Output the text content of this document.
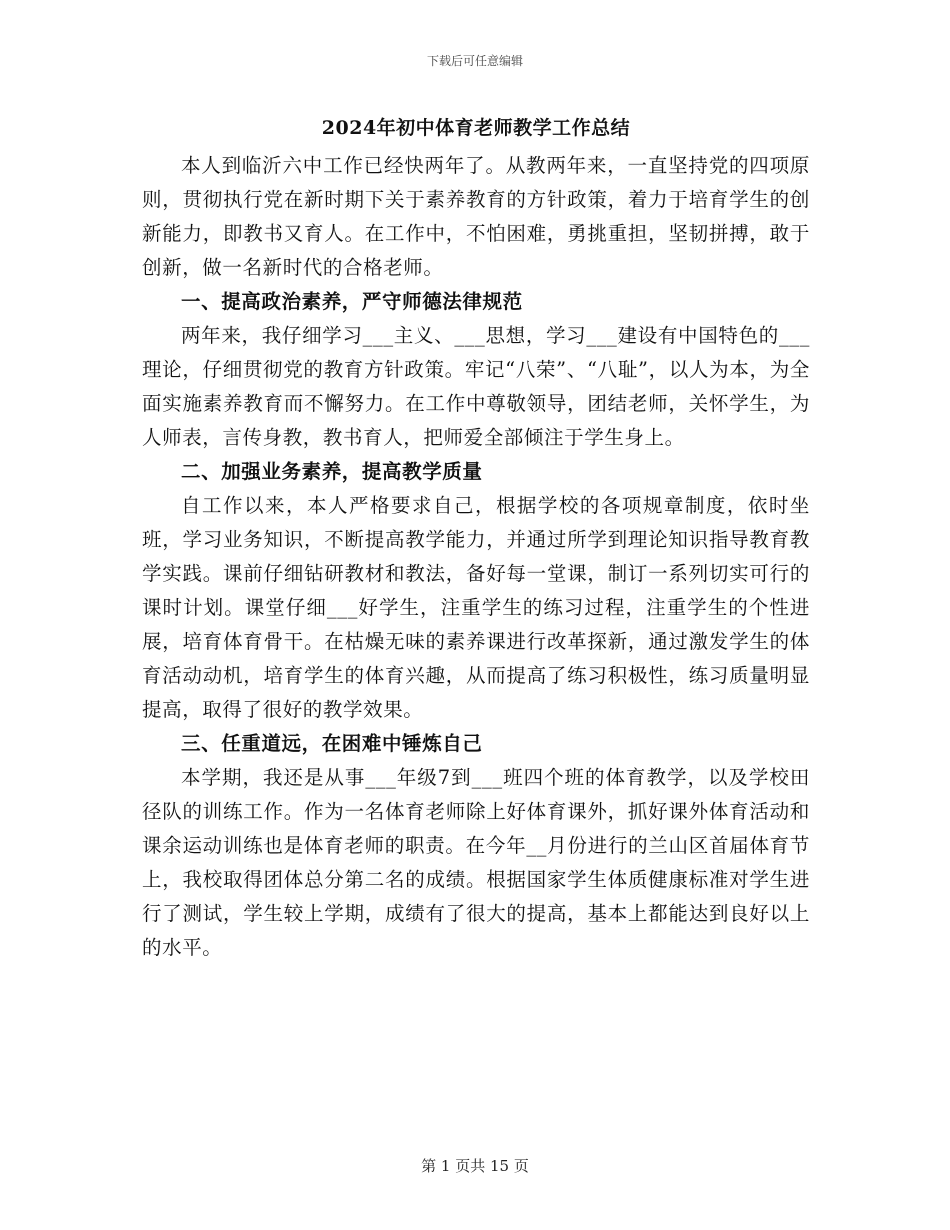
下载后可任意编辑
2024年初中体育老师教学工作总结

本人到临沂六中工作已经快两年了。从教两年来，一直坚持党的四项原则，贯彻执行党在新时期下关于素养教育的方针政策，着力于培育学生的创新能力，即教书又育人。在工作中，不怕困难，勇挑重担，坚韧拼搏，敢于创新，做一名新时代的合格老师。

一、提高政治素养，严守师德法律规范

两年来，我仔细学习___主义、___思想，学习___建设有中国特色的___理论，仔细贯彻党的教育方针政策。牢记“八荣”、“八耻”，以人为本，为全面实施素养教育而不懈努力。在工作中尊敬领导，团结老师，关怀学生，为人师表，言传身教，教书育人，把师爱全部倾注于学生身上。

二、加强业务素养，提高教学质量

自工作以来，本人严格要求自己，根据学校的各项规章制度，依时坐班，学习业务知识，不断提高教学能力，并通过所学到理论知识指导教育教学实践。课前仔细钻研教材和教法，备好每一堂课，制订一系列切实可行的课时计划。课堂仔细___好学生，注重学生的练习过程，注重学生的个性进展，培育体育骨干。在枯燥无味的素养课进行改革探新，通过激发学生的体育活动动机，培育学生的体育兴趣，从而提高了练习积极性，练习质量明显提高，取得了很好的教学效果。

三、任重道远，在困难中锤炼自己

本学期，我还是从事___年级7到___班四个班的体育教学，以及学校田径队的训练工作。作为一名体育老师除上好体育课外，抓好课外体育活动和课余运动训练也是体育老师的职责。在今年__月份进行的兰山区首届体育节上，我校取得团体总分第二名的成绩。根据国家学生体质健康标准对学生进行了测试，学生较上学期，成绩有了很大的提高，基本上都能达到良好以上的水平。

第 1 页共 15 页
